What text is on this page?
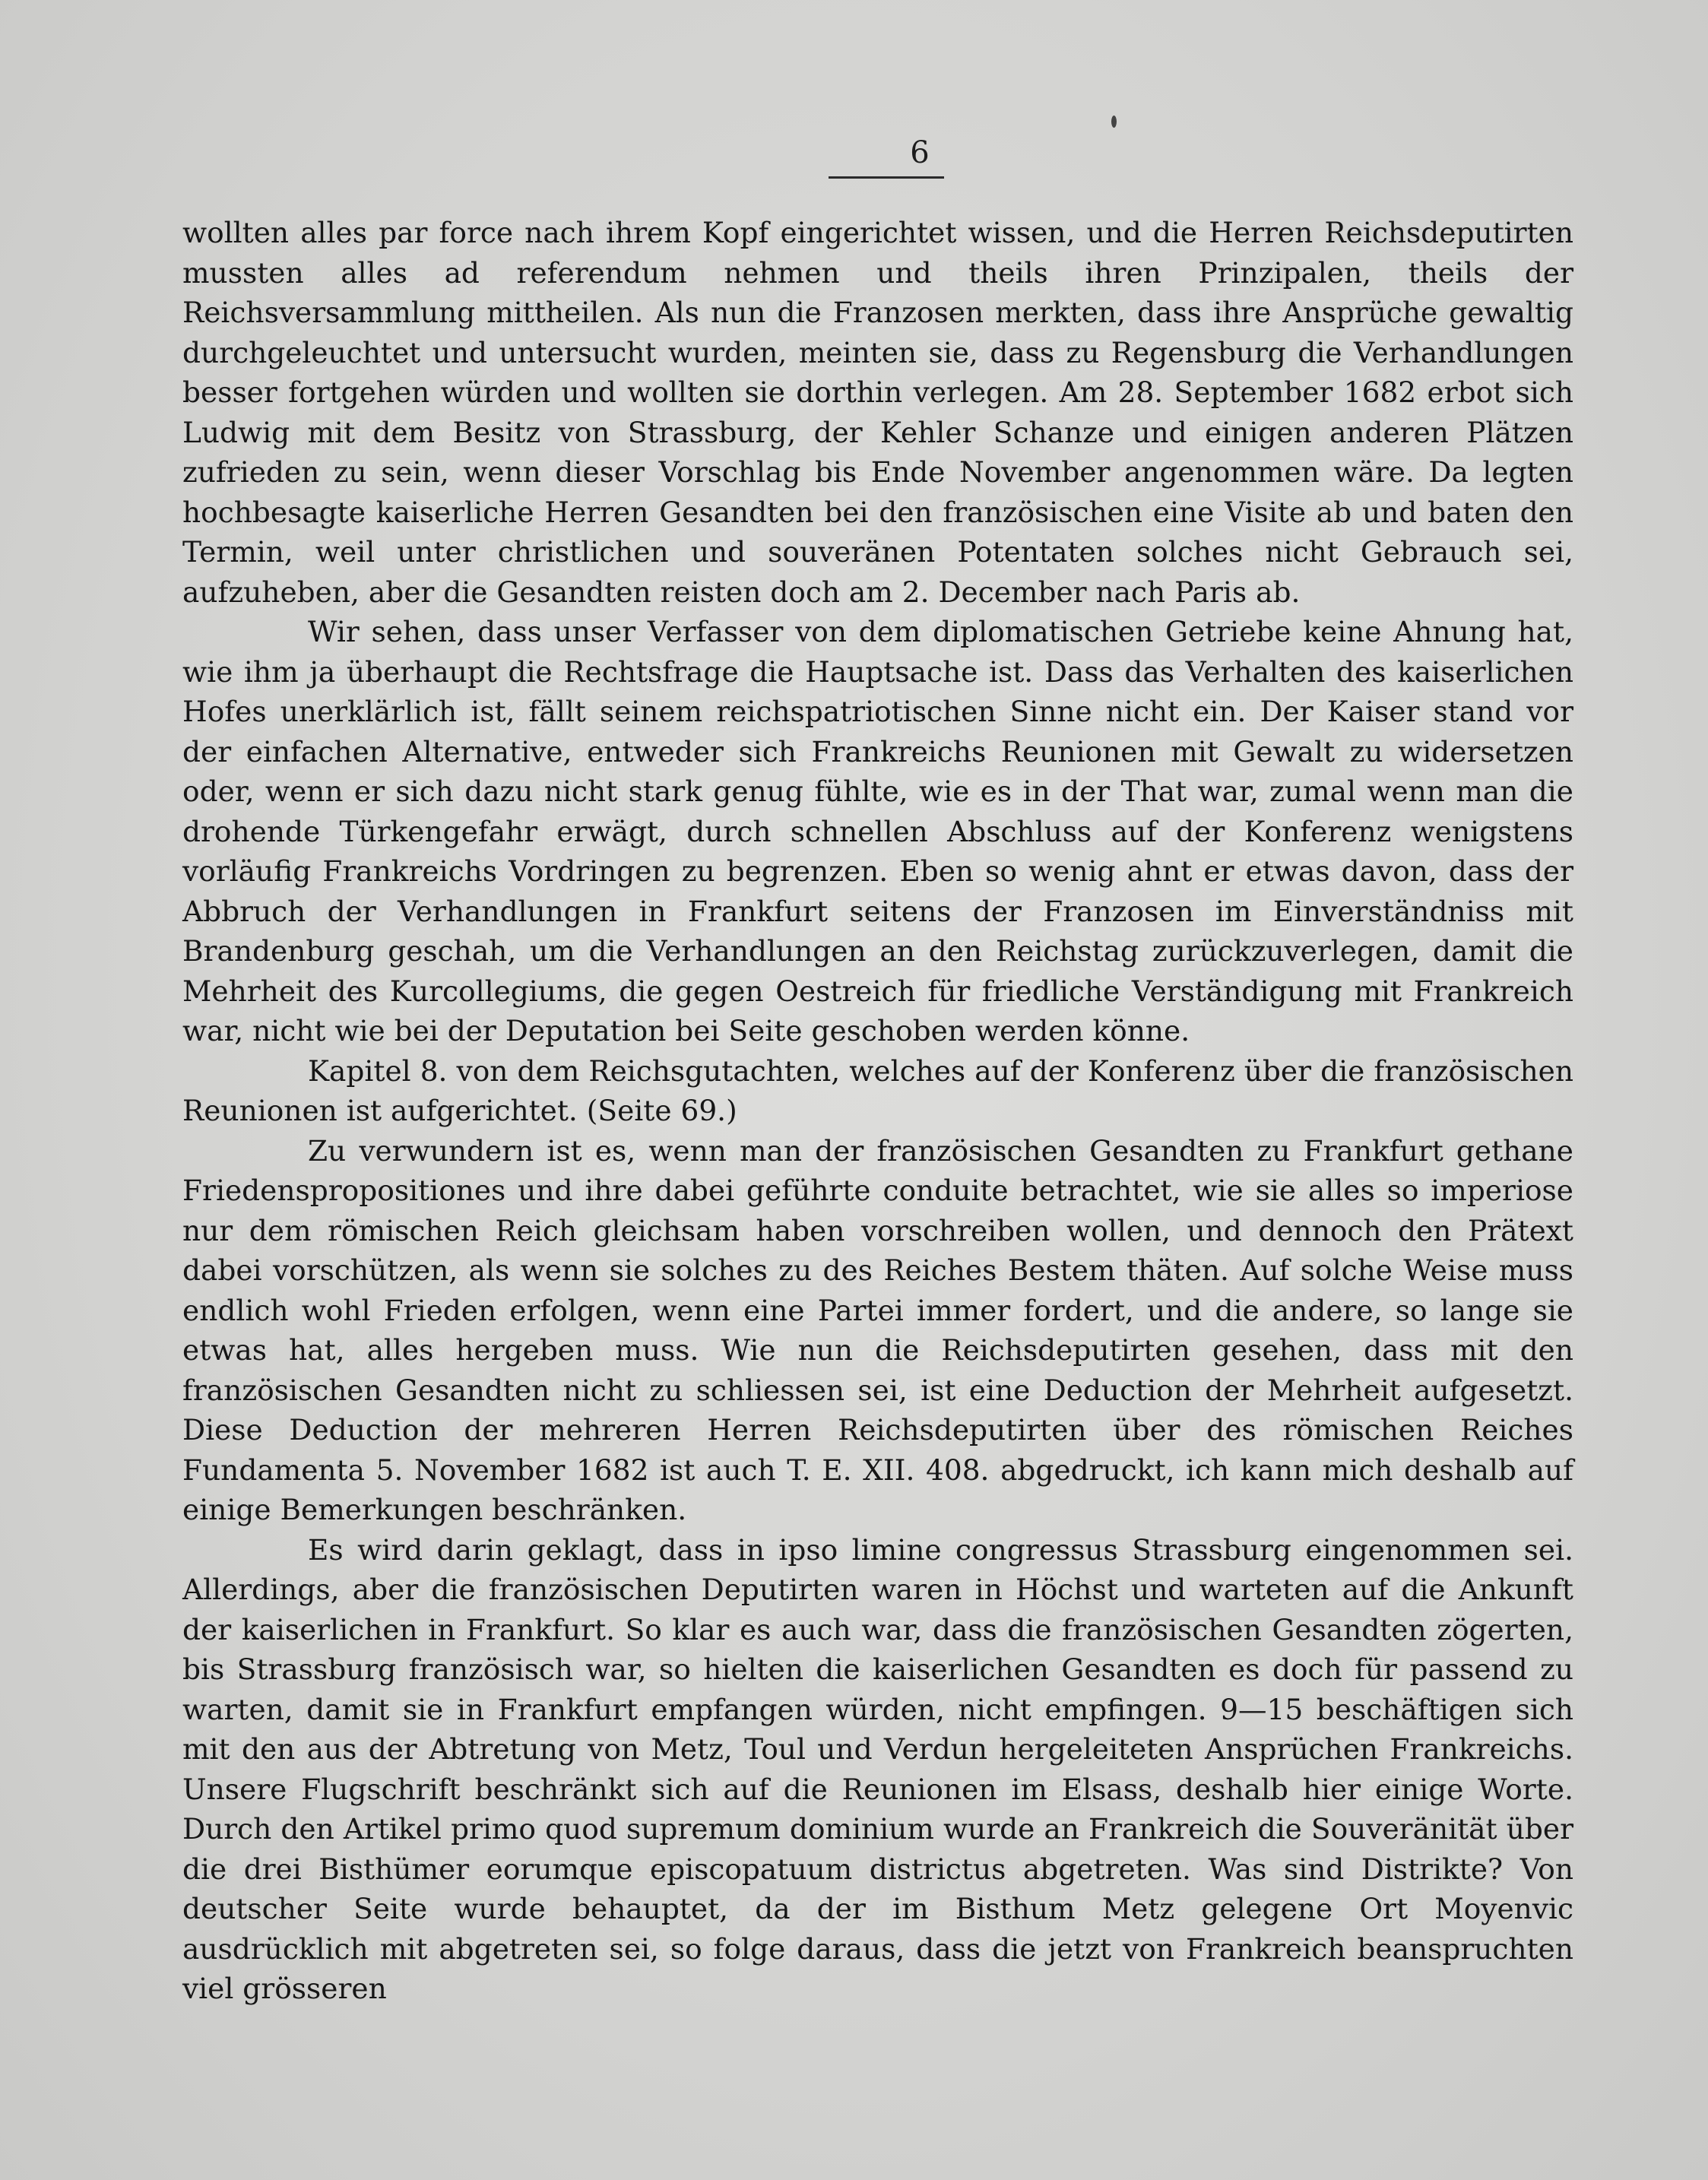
6

wollten alles par force nach ihrem Kopf eingerichtet wissen, und die Herren Reichsdeputirten mussten alles ad referendum nehmen und theils ihren Prinzipalen, theils der Reichsversammlung mittheilen. Als nun die Franzosen merkten, dass ihre Ansprüche gewaltig durchgeleuchtet und untersucht wurden, meinten sie, dass zu Regensburg die Verhandlungen besser fortgehen würden und wollten sie dorthin verlegen. Am 28. September 1682 erbot sich Ludwig mit dem Besitz von Strassburg, der Kehler Schanze und einigen anderen Plätzen zufrieden zu sein, wenn dieser Vorschlag bis Ende November angenommen wäre. Da legten hochbesagte kaiserliche Herren Gesandten bei den französischen eine Visite ab und baten den Termin, weil unter christlichen und souveränen Potentaten solches nicht Gebrauch sei, aufzuheben, aber die Gesandten reisten doch am 2. December nach Paris ab.

Wir sehen, dass unser Verfasser von dem diplomatischen Getriebe keine Ahnung hat, wie ihm ja überhaupt die Rechtsfrage die Hauptsache ist. Dass das Verhalten des kaiserlichen Hofes unerklärlich ist, fällt seinem reichspatriotischen Sinne nicht ein. Der Kaiser stand vor der einfachen Alternative, entweder sich Frankreichs Reunionen mit Gewalt zu widersetzen oder, wenn er sich dazu nicht stark genug fühlte, wie es in der That war, zumal wenn man die drohende Türkengefahr erwägt, durch schnellen Abschluss auf der Konferenz wenigstens vorläufig Frankreichs Vordringen zu begrenzen. Eben so wenig ahnt er etwas davon, dass der Abbruch der Verhandlungen in Frankfurt seitens der Franzosen im Einverständniss mit Brandenburg geschah, um die Verhandlungen an den Reichstag zurückzuverlegen, damit die Mehrheit des Kurcollegiums, die gegen Oestreich für friedliche Verständigung mit Frankreich war, nicht wie bei der Deputation bei Seite geschoben werden könne.

Kapitel 8. von dem Reichsgutachten, welches auf der Konferenz über die französischen Reunionen ist aufgerichtet. (Seite 69.)

Zu verwundern ist es, wenn man der französischen Gesandten zu Frankfurt gethane Friedenspropositiones und ihre dabei geführte conduite betrachtet, wie sie alles so imperiose nur dem römischen Reich gleichsam haben vorschreiben wollen, und dennoch den Prätext dabei vorschützen, als wenn sie solches zu des Reiches Bestem thäten. Auf solche Weise muss endlich wohl Frieden erfolgen, wenn eine Partei immer fordert, und die andere, so lange sie etwas hat, alles hergeben muss. Wie nun die Reichsdeputirten gesehen, dass mit den französischen Gesandten nicht zu schliessen sei, ist eine Deduction der Mehrheit aufgesetzt. Diese Deduction der mehreren Herren Reichsdeputirten über des römischen Reiches Fundamenta 5. November 1682 ist auch T. E. XII. 408. abgedruckt, ich kann mich deshalb auf einige Bemerkungen beschränken.

Es wird darin geklagt, dass in ipso limine congressus Strassburg eingenommen sei. Allerdings, aber die französischen Deputirten waren in Höchst und warteten auf die Ankunft der kaiserlichen in Frankfurt. So klar es auch war, dass die französischen Gesandten zögerten, bis Strassburg französisch war, so hielten die kaiserlichen Gesandten es doch für passend zu warten, damit sie in Frankfurt empfangen würden, nicht empfingen. 9—15 beschäftigen sich mit den aus der Abtretung von Metz, Toul und Verdun hergeleiteten Ansprüchen Frankreichs. Unsere Flugschrift beschränkt sich auf die Reunionen im Elsass, deshalb hier einige Worte. Durch den Artikel primo quod supremum dominium wurde an Frankreich die Souveränität über die drei Bisthümer eorumque episcopatuum districtus abgetreten. Was sind Distrikte? Von deutscher Seite wurde behauptet, da der im Bisthum Metz gelegene Ort Moyenvic ausdrücklich mit abgetreten sei, so folge daraus, dass die jetzt von Frankreich beanspruchten viel grösseren
